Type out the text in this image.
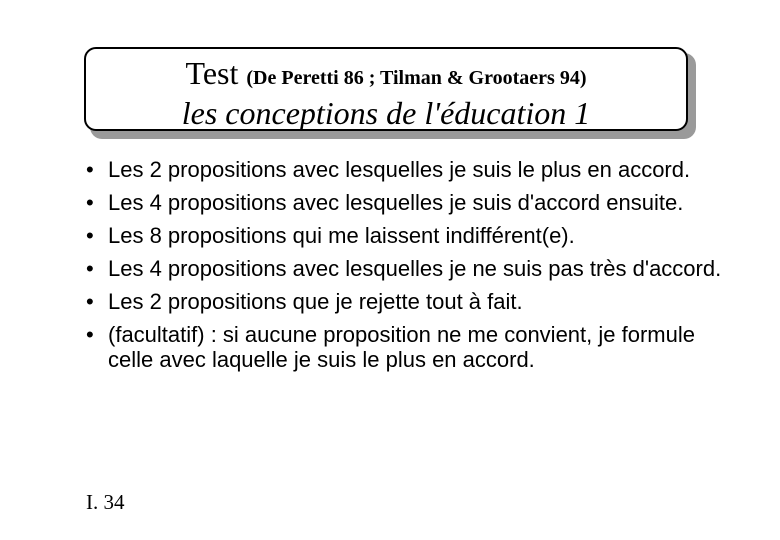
Test (De Peretti 86 ; Tilman & Grootaers 94)
les conceptions de l'éducation 1
• Les 2 propositions avec lesquelles je suis le plus en accord.
• Les 4 propositions avec lesquelles je suis d'accord ensuite.
• Les 8 propositions qui me laissent indifférent(e).
• Les 4 propositions avec lesquelles je ne suis pas très d'accord.
• Les 2 propositions que je rejette tout à fait.
• (facultatif) : si aucune proposition ne me convient, je formule celle avec laquelle je suis le plus en accord.
I. 34
